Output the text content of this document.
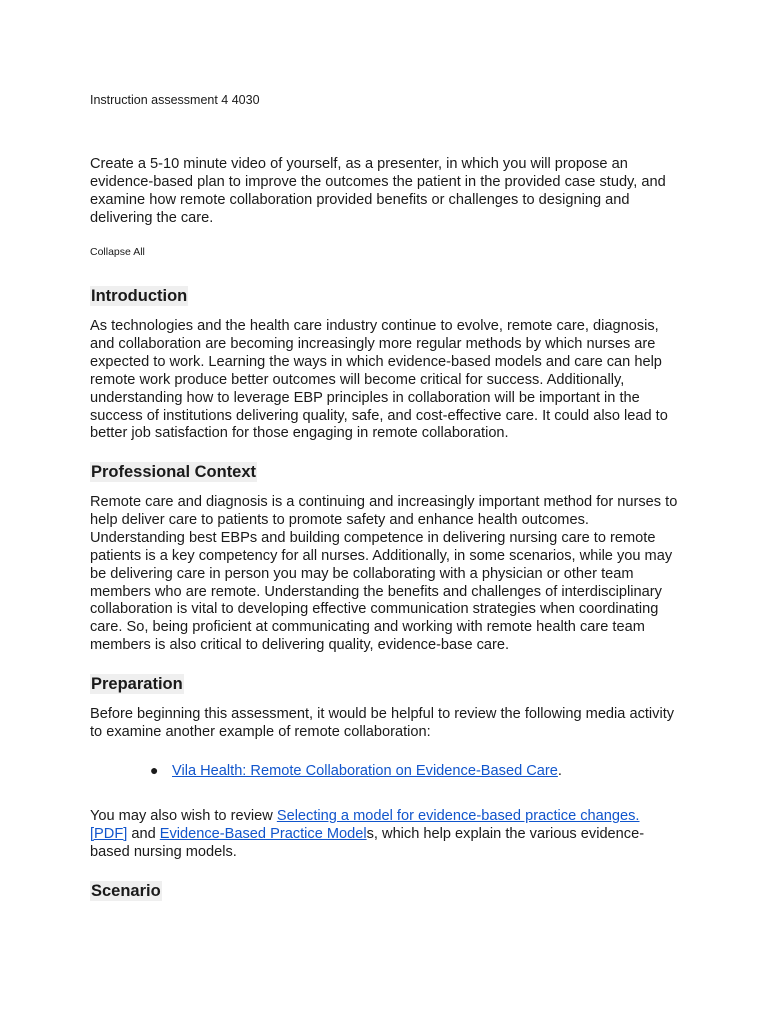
Instruction assessment 4 4030

Create a 5-10 minute video of yourself, as a presenter, in which you will propose an evidence-based plan to improve the outcomes the patient in the provided case study, and examine how remote collaboration provided benefits or challenges to designing and delivering the care.

Collapse All

Introduction

As technologies and the health care industry continue to evolve, remote care, diagnosis, and collaboration are becoming increasingly more regular methods by which nurses are expected to work. Learning the ways in which evidence-based models and care can help remote work produce better outcomes will become critical for success. Additionally, understanding how to leverage EBP principles in collaboration will be important in the success of institutions delivering quality, safe, and cost-effective care. It could also lead to better job satisfaction for those engaging in remote collaboration.

Professional Context

Remote care and diagnosis is a continuing and increasingly important method for nurses to help deliver care to patients to promote safety and enhance health outcomes. Understanding best EBPs and building competence in delivering nursing care to remote patients is a key competency for all nurses. Additionally, in some scenarios, while you may be delivering care in person you may be collaborating with a physician or other team members who are remote. Understanding the benefits and challenges of interdisciplinary collaboration is vital to developing effective communication strategies when coordinating care. So, being proficient at communicating and working with remote health care team members is also critical to delivering quality, evidence-base care.

Preparation

Before beginning this assessment, it would be helpful to review the following media activity to examine another example of remote collaboration:

● Vila Health: Remote Collaboration on Evidence-Based Care.

You may also wish to review Selecting a model for evidence-based practice changes. [PDF] and Evidence-Based Practice Models, which help explain the various evidence-based nursing models.

Scenario
